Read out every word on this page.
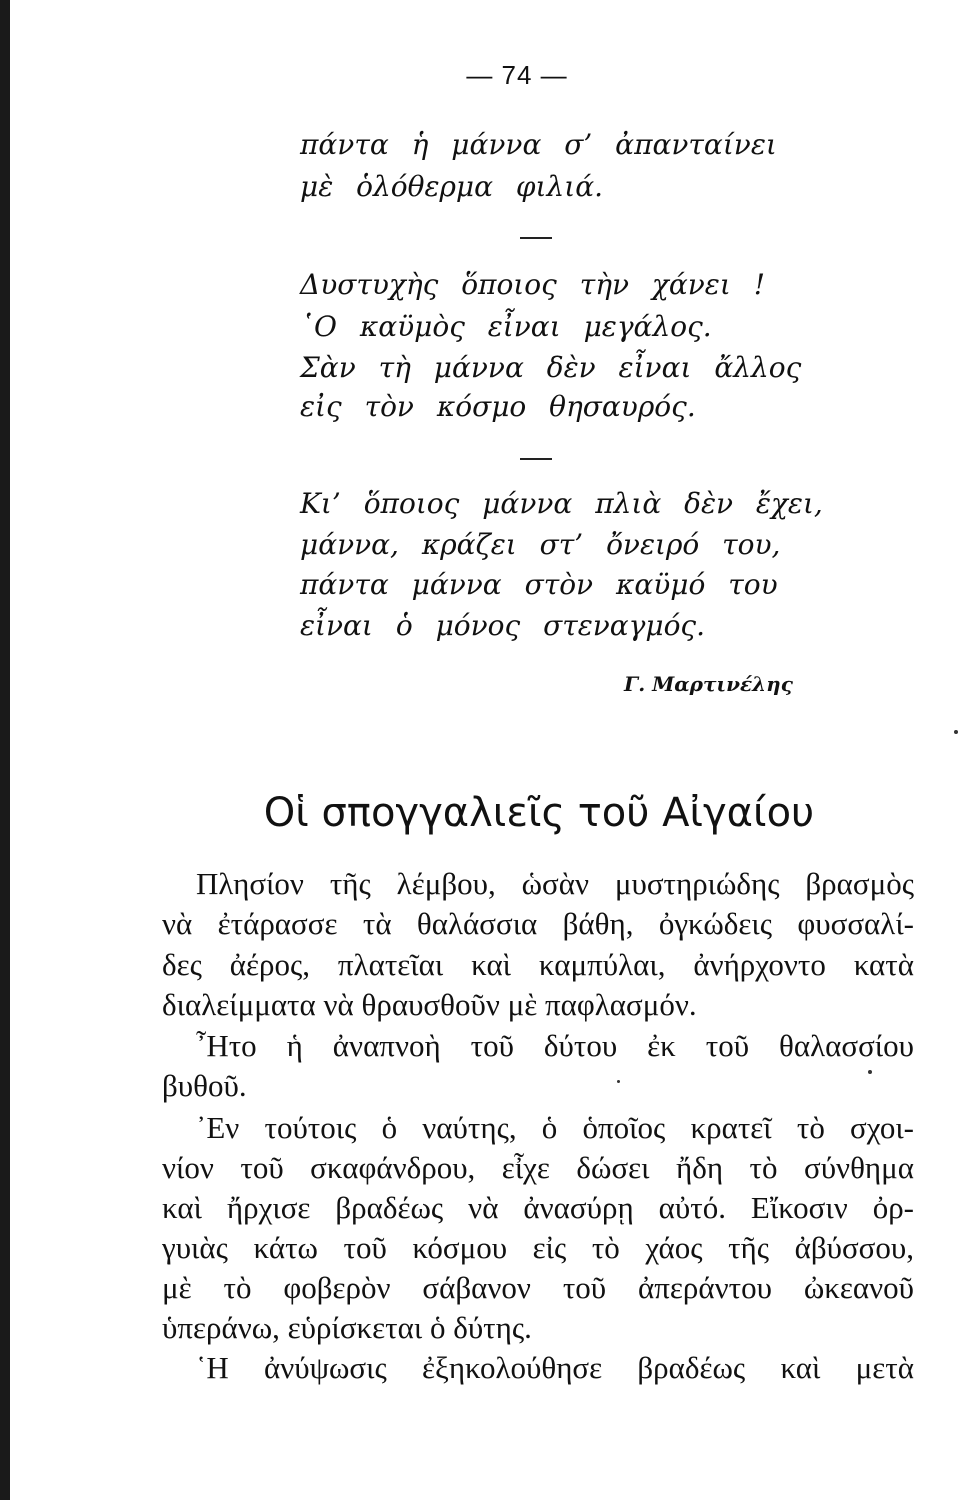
— 74 —
πάντα ἡ μάννα σ’ ἀπανταίνει
μὲ ὁλόθερμα φιλιά.
Δυστυχὴς ὅποιος τὴν χάνει !
῾Ο καϋμὸς εἶναι μεγάλος.
Σὰν τὴ μάννα δὲν εἶναι ἄλλος
εἰς τὸν κόσμο θησαυρός.
Κι’ ὅποιος μάννα πλιὰ δὲν ἔχει,
μάννα, κράζει στ’ ὄνειρό του,
πάντα μάννα στὸν καϋμό του
εἶναι ὁ μόνος στεναγμός.
Γ. Μαρτινέλης
Οἱ σπογγαλιεῖς τοῦ Αἰγαίου
Πλησίον τῆς λέμβου, ὡσὰν μυστηριώδης βρασμὸς
νὰ ἐτάρασσε τὰ θαλάσσια βάθη, ὀγκώδεις φυσσαλί-
δες ἀέρος, πλατεῖαι καὶ καμπύλαι, ἀνήρχοντο κατὰ
διαλείμματα νὰ θραυσθοῦν μὲ παφλασμόν.
῏Ητο ἡ ἀναπνοὴ τοῦ δύτου ἐκ τοῦ θαλασσίου
βυθοῦ.
᾿Εν τούτοις ὁ ναύτης, ὁ ὁποῖος κρατεῖ τὸ σχοι-
νίον τοῦ σκαφάνδρου, εἶχε δώσει ἤδη τὸ σύνθημα
καὶ ἤρχισε βραδέως νὰ ἀνασύρῃ αὐτό. Εἴκοσιν ὀρ-
γυιὰς κάτω τοῦ κόσμου εἰς τὸ χάος τῆς ἀβύσσου,
μὲ τὸ φοβερὸν σάβανον τοῦ ἀπεράντου ὠκεανοῦ
ὑπεράνω, εὑρίσκεται ὁ δύτης.
῾Η ἀνύψωσις ἐξηκολούθησε βραδέως καὶ μετὰ
